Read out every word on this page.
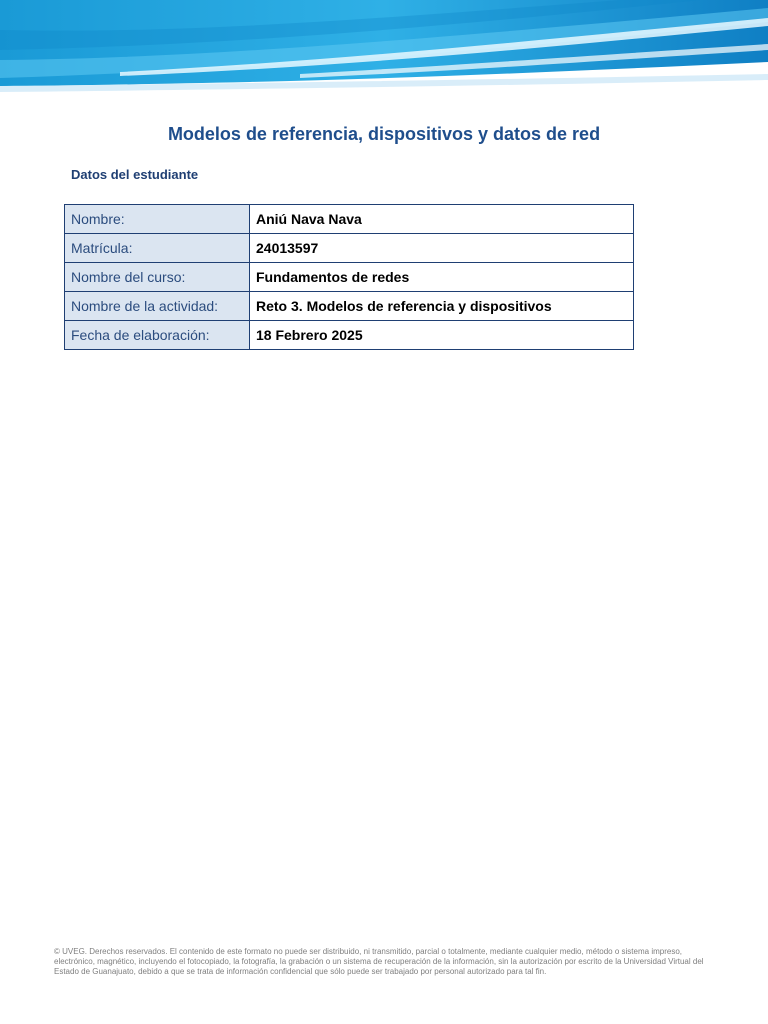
Modelos de referencia, dispositivos y datos de red
Datos del estudiante
Nombre:	Aniú Nava Nava
Matrícula:	24013597
Nombre del curso:	Fundamentos de redes
Nombre de la actividad:	Reto 3. Modelos de referencia y dispositivos
Fecha de elaboración:	18 Febrero 2025
© UVEG. Derechos reservados. El contenido de este formato no puede ser distribuido, ni transmitido, parcial o totalmente, mediante cualquier medio, método o sistema impreso, electrónico, magnético, incluyendo el fotocopiado, la fotografía, la grabación o un sistema de recuperación de la información, sin la autorización por escrito de la Universidad Virtual del Estado de Guanajuato, debido a que se trata de información confidencial que sólo puede ser trabajado por personal autorizado para tal fin.
